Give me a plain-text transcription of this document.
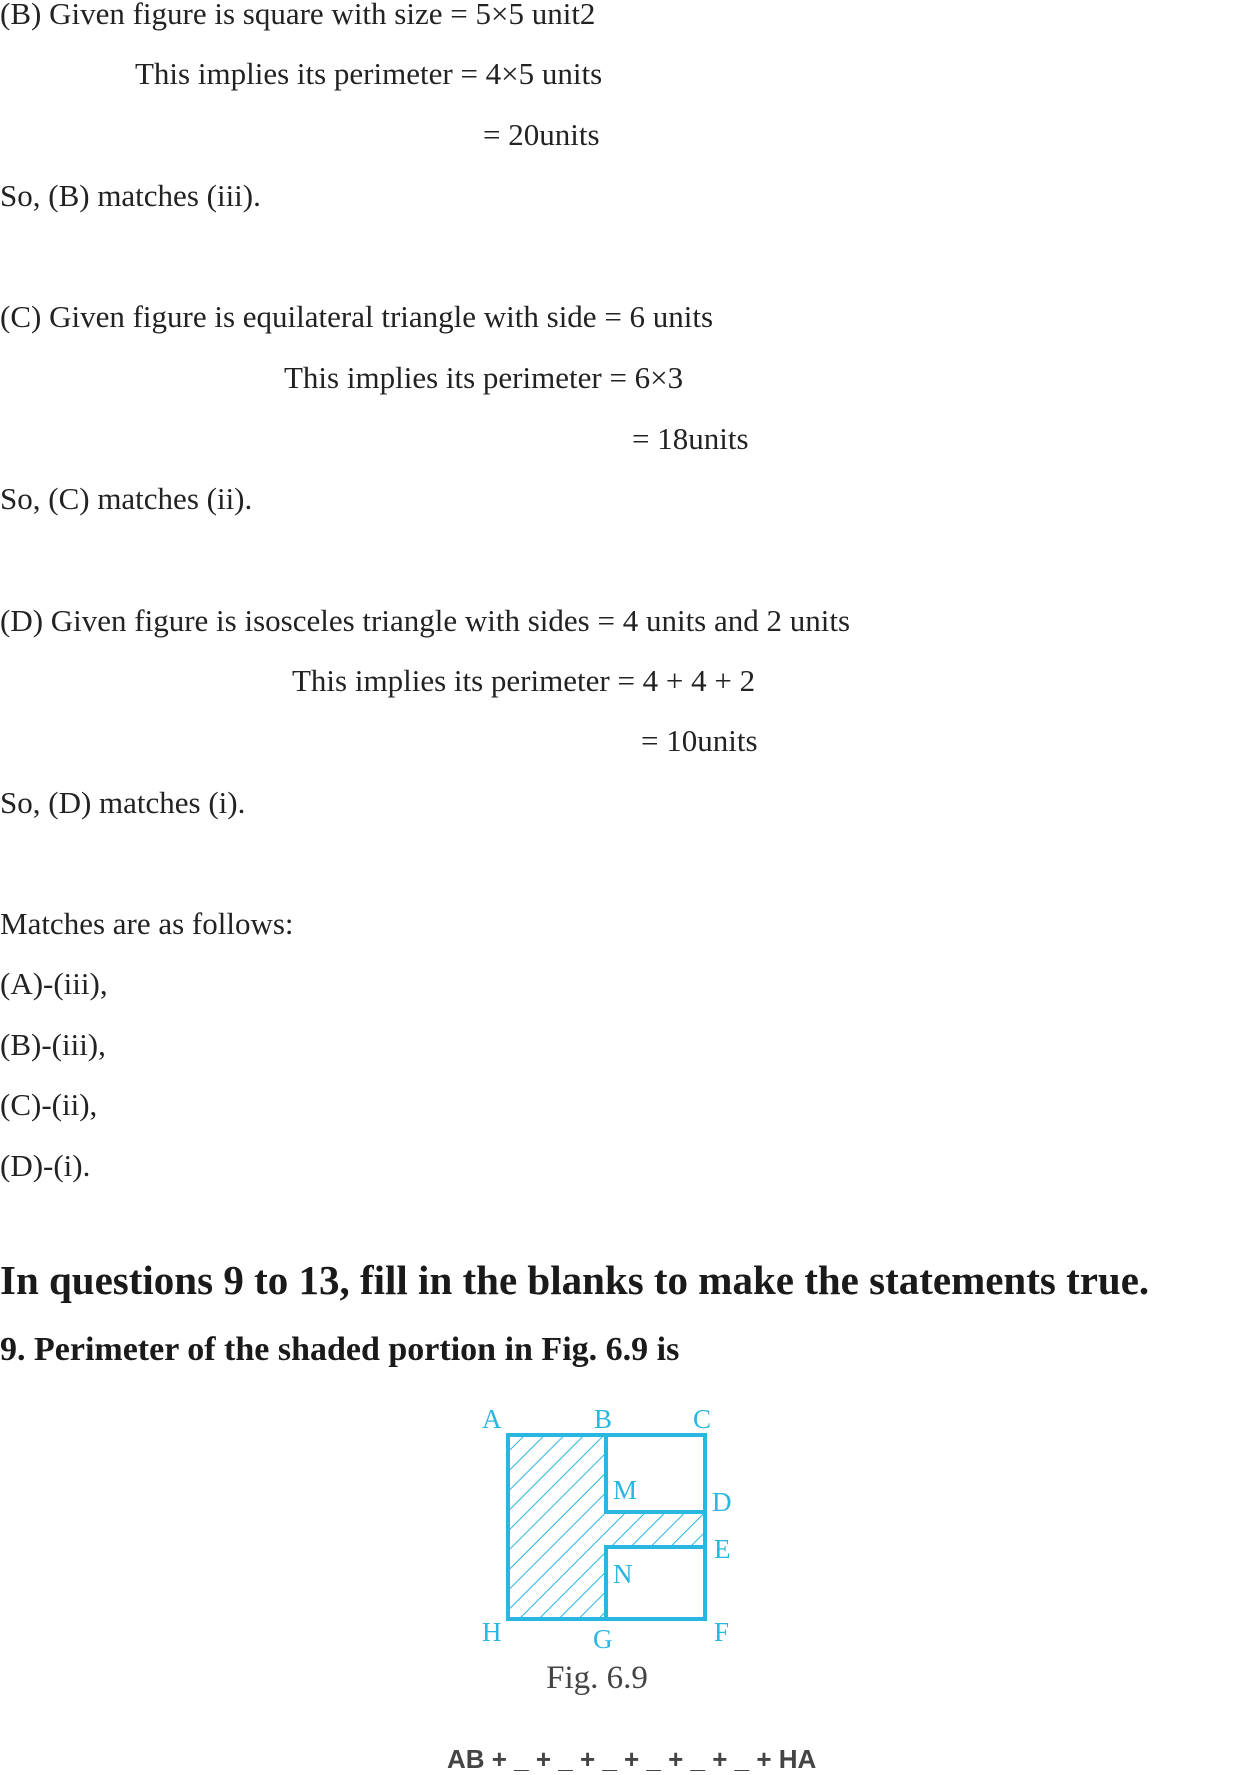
(B) Given figure is square with size = 5×5 unit2
This implies its perimeter = 4×5 units
= 20units
So, (B) matches (iii).
(C) Given figure is equilateral triangle with side = 6 units
This implies its perimeter = 6×3
= 18units
So, (C) matches (ii).
(D) Given figure is isosceles triangle with sides = 4 units and 2 units
This implies its perimeter = 4 + 4 + 2
= 10units
So, (D) matches (i).
Matches are as follows:
(A)-(iii),
(B)-(iii),
(C)-(ii),
(D)-(i).
In questions 9 to 13, fill in the blanks to make the statements true.
9. Perimeter of the shaded portion in Fig. 6.9 is
A	B	C
D
E
F
H	G
M
N
Fig. 6.9
AB + _ + _ + _ + _ + _ + _ + HA
